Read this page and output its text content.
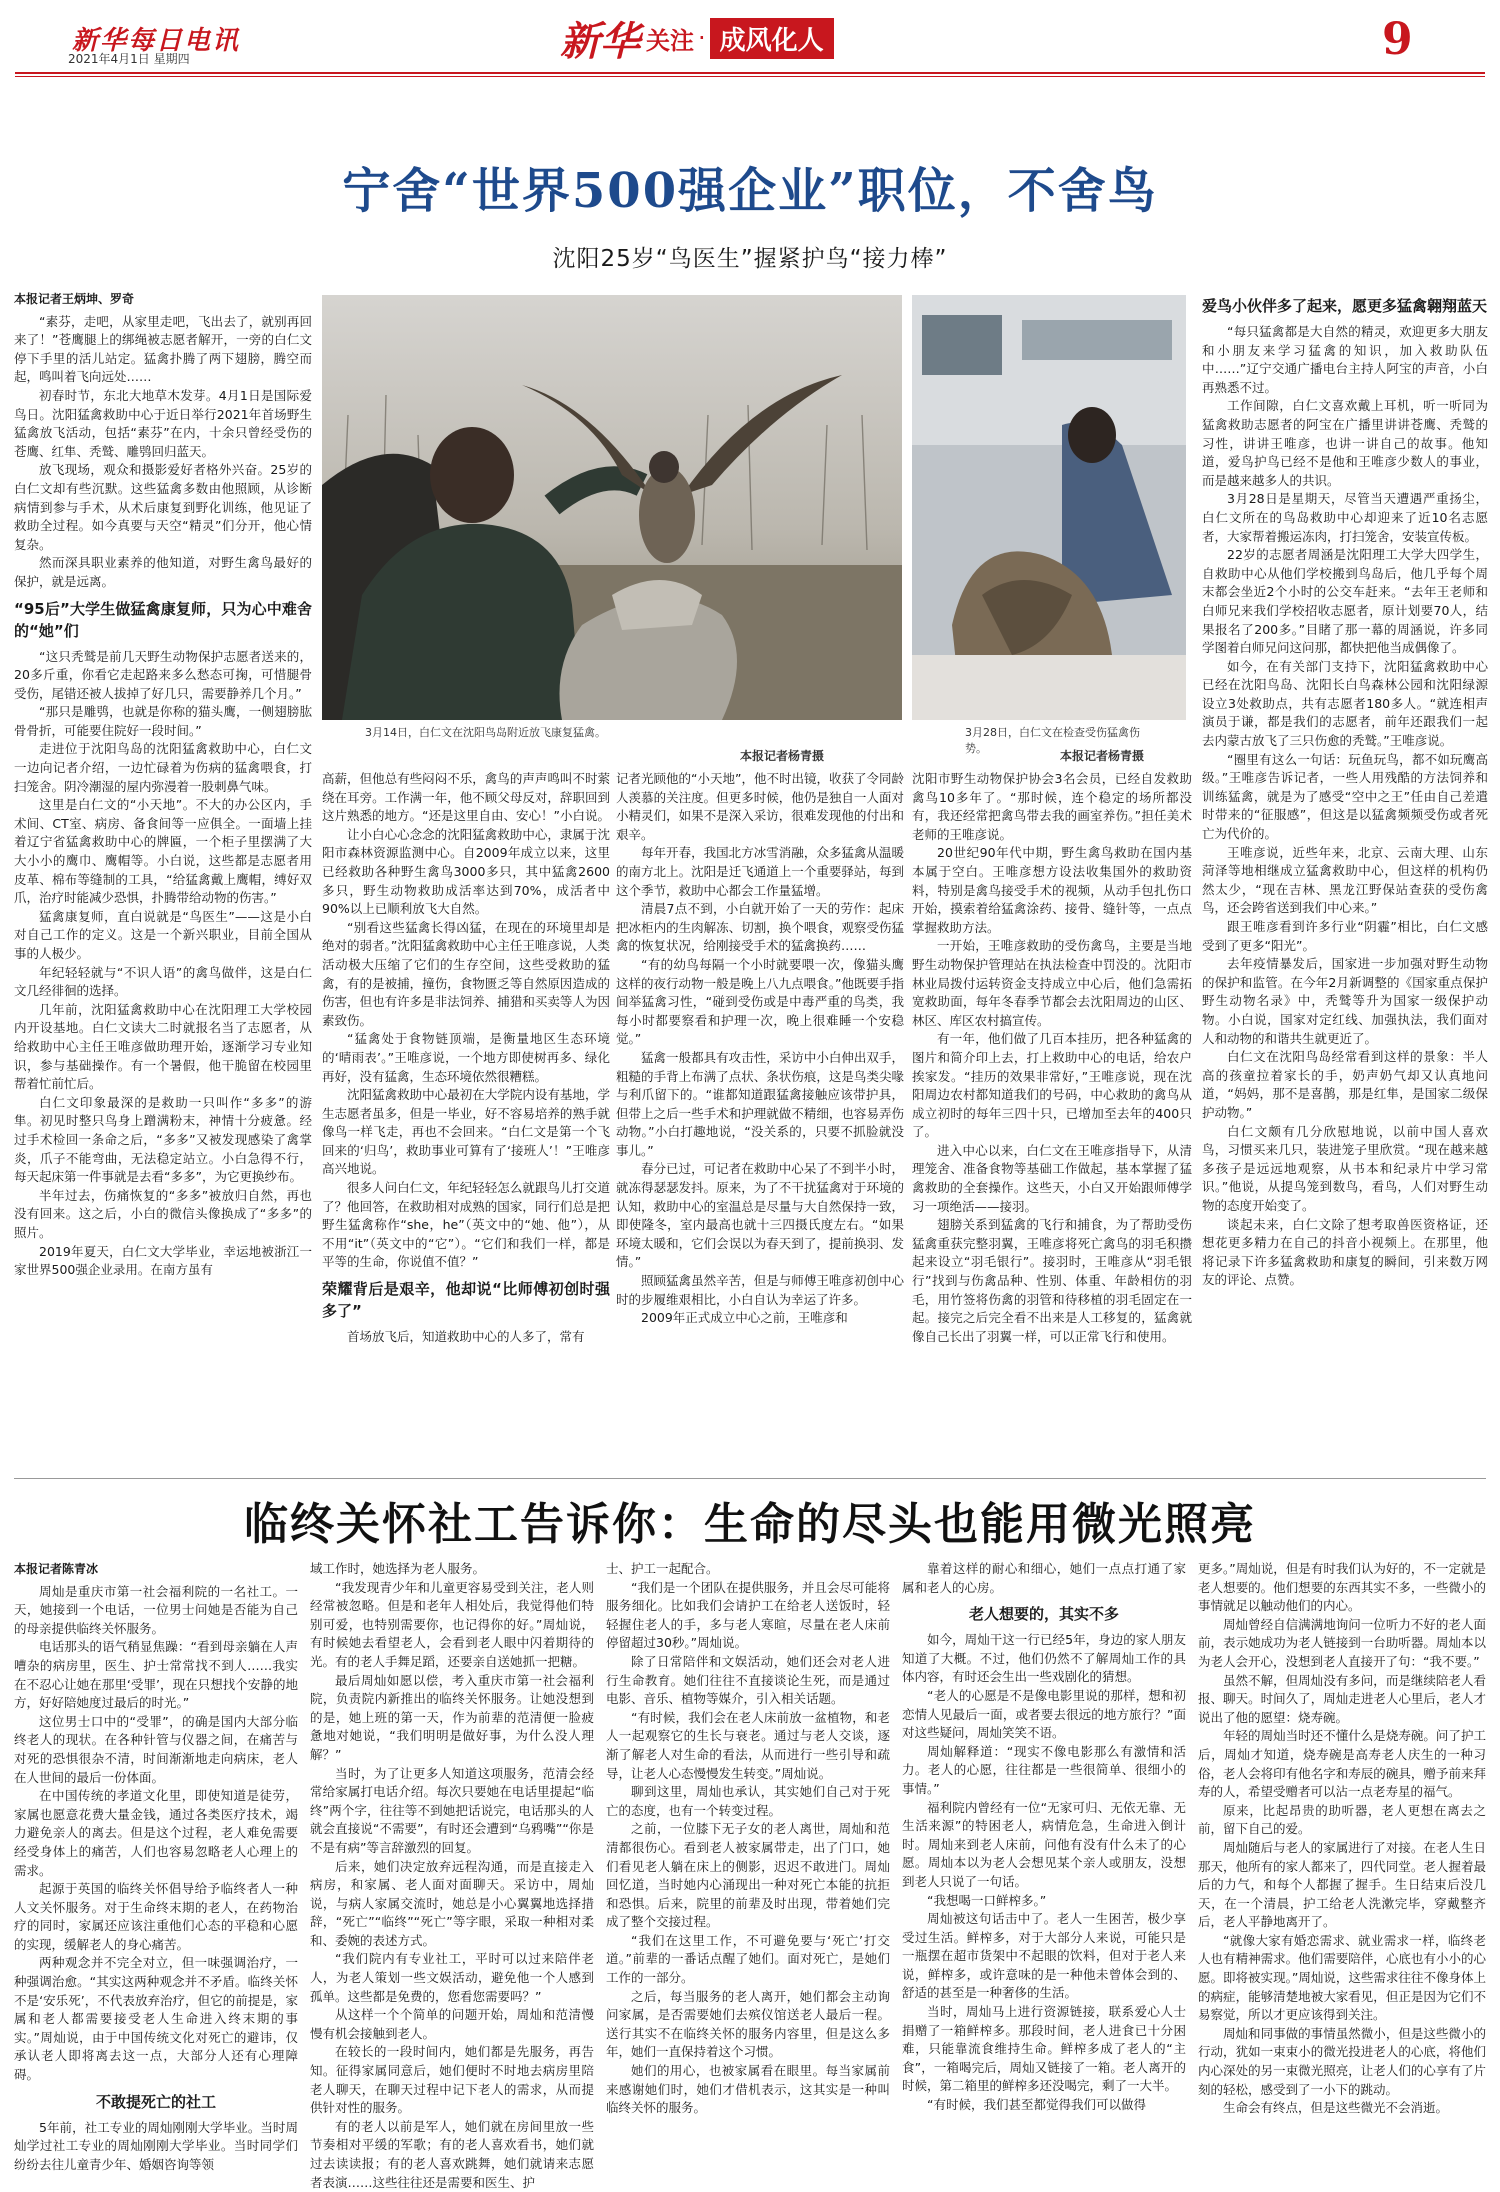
新华每日电讯
2021年4月1日 星期四	新华 关注 · 成风化人	9
宁舍“世界500强企业”职位，不舍鸟
沈阳25岁“鸟医生”握紧护鸟“接力棒”
3月14日，白仁文在沈阳鸟岛附近放飞康复猛禽。
本报记者杨青摄
3月28日，白仁文在检查受伤猛禽伤势。
本报记者杨青摄
本报记者王炳坤、罗奇

“素芬，走吧，从家里走吧，飞出去了，就别再回来了！”苍鹰腿上的绑绳被志愿者解开，一旁的白仁文停下手里的活儿站定。猛禽扑腾了两下翅膀，腾空而起，鸣叫着飞向远处……

初春时节，东北大地草木发芽。4月1日是国际爱鸟日。沈阳猛禽救助中心于近日举行2021年首场野生猛禽放飞活动，包括“素芬”在内，十余只曾经受伤的苍鹰、红隼、秃鹫、雕鸮回归蓝天。

放飞现场，观众和摄影爱好者格外兴奋。25岁的白仁文却有些沉默。这些猛禽多数由他照顾，从诊断病情到参与手术，从术后康复到野化训练，他见证了救助全过程。如今真要与天空“精灵”们分开，他心情复杂。

然而深具职业素养的他知道，对野生禽鸟最好的保护，就是远离。

“95后”大学生做猛禽康复师，只为心中难舍的“她”们

“这只秃鹫是前几天野生动物保护志愿者送来的，20多斤重，你看它走起路来多么愁态可掬，可惜腿骨受伤，尾错还被人拔掉了好几只，需要静养几个月。”

“那只是雕鸮，也就是你称的猫头鹰，一侧翅膀肱骨骨折，可能要住院好一段时间。”

走进位于沈阳鸟岛的沈阳猛禽救助中心，白仁文一边向记者介绍，一边忙碌着为伤病的猛禽喂食，打扫笼舍。阴冷潮湿的屋内弥漫着一股刺鼻气味。

这里是白仁文的“小天地”。不大的办公区内，手术间、CT室、病房、备食间等一应俱全。一面墙上挂着辽宁省猛禽救助中心的牌匾，一个柜子里摆满了大大小小的鹰巾、鹰帽等。小白说，这些都是志愿者用皮革、棉布等缝制的工具，“给猛禽戴上鹰帽，缚好双爪，治疗时能减少恐惧，扑腾带给动物的伤害。”

猛禽康复师，直白说就是“鸟医生”——这是小白对自己工作的定义。这是一个新兴职业，目前全国从事的人极少。

年纪轻轻就与“不识人语”的禽鸟做伴，这是白仁文几经徘徊的选择。

几年前，沈阳猛禽救助中心在沈阳理工大学校园内开设基地。白仁文读大二时就报名当了志愿者，从给救助中心主任王唯彦做助理开始，逐渐学习专业知识，参与基础操作。有一个暑假，他干脆留在校园里帮着忙前忙后。

白仁文印象最深的是救助一只叫作“多多”的游隼。初见时整只鸟身上蹭满粉末，神情十分疲惫。经过手术检回一条命之后，“多多”又被发现感染了禽掌炎，爪子不能弯曲，无法稳定站立。小白急得不行，每天起床第一件事就是去看“多多”，为它更换纱布。

半年过去，伤痛恢复的“多多”被放归自然，再也没有回来。这之后，小白的微信头像换成了“多多”的照片。

2019年夏天，白仁文大学毕业，幸运地被浙江一家世界500强企业录用。在南方虽有

高薪，但他总有些闷闷不乐，禽鸟的声声鸣叫不时萦绕在耳旁。工作满一年，他不顾父母反对，辞职回到这片熟悉的地方。“还是这里自由、安心！”小白说。

让小白心心念念的沈阳猛禽救助中心，隶属于沈阳市森林资源监测中心。自2009年成立以来，这里已经救助各种野生禽鸟3000多只，其中猛禽2600多只，野生动物救助成活率达到70%，成活者中90%以上已顺利放飞大自然。

“别看这些猛禽长得凶猛，在现在的环境里却是绝对的弱者。”沈阳猛禽救助中心主任王唯彦说，人类活动极大压缩了它们的生存空间，这些受救助的猛禽，有的是被捕，撞伤，食物匮乏等自然原因造成的伤害，但也有许多是非法饲养、捕猎和买卖等人为因素致伤。

“猛禽处于食物链顶端，是衡量地区生态环境的‘晴雨表’。”王唯彦说，一个地方即使树再多、绿化再好，没有猛禽，生态环境依然很糟糕。

沈阳猛禽救助中心最初在大学院内设有基地，学生志愿者虽多，但是一毕业，好不容易培养的熟手就像鸟一样飞走，再也不会回来。“白仁文是第一个飞回来的‘归鸟’，救助事业可算有了‘接班人’！”王唯彦高兴地说。

很多人问白仁文，年纪轻轻怎么就跟鸟儿打交道了？他回答，在救助相对成熟的国家，同行们总是把野生猛禽称作“she，he”（英文中的“她、他”），从不用“it”（英文中的“它”）。“它们和我们一样，都是平等的生命，你说值不值？”

荣耀背后是艰辛，他却说“比师傅初创时强多了”

首场放飞后，知道救助中心的人多了，常有

记者光顾他的“小天地”，他不时出镜，收获了令同龄人羡慕的关注度。但更多时候，他仍是独自一人面对小精灵们，如果不是深入采访，很难发现他的付出和艰辛。

每年开春，我国北方冰雪消融，众多猛禽从温暖的南方北上。沈阳是迁飞通道上一个重要驿站，每到这个季节，救助中心都会工作量猛增。

清晨7点不到，小白就开始了一天的劳作：起床把冰柜内的生肉解冻、切割，换个喂食，观察受伤猛禽的恢复状况，给刚接受手术的猛禽换药……

“有的幼鸟每隔一个小时就要喂一次，像猫头鹰这样的夜行动物一般是晚上八九点喂食。”他既要手指间举猛禽习性，“碰到受伤或是中毒严重的鸟类，我每小时都要察看和护理一次，晚上很难睡一个安稳觉。”

猛禽一般都具有攻击性，采访中小白伸出双手，粗糙的手背上布满了点状、条状伤痕，这是鸟类尖喙与利爪留下的。“谁都知道跟猛禽接触应该带护具，但带上之后一些手术和护理就做不精细，也容易弄伤动物。”小白打趣地说，“没关系的，只要不抓脸就没事儿。”

春分已过，可记者在救助中心呆了不到半小时，就冻得瑟瑟发抖。原来，为了不干扰猛禽对于环境的认知，救助中心的室温总是尽量与大自然保持一致，即使隆冬，室内最高也就十三四摄氏度左右。“如果环境太暖和，它们会误以为春天到了，提前换羽、发情。”

照顾猛禽虽然辛苦，但是与师傅王唯彦初创中心时的步履维艰相比，小白自认为幸运了许多。

2009年正式成立中心之前，王唯彦和

沈阳市野生动物保护协会3名会员，已经自发救助禽鸟10多年了。“那时候，连个稳定的场所都没有，我还经常把禽鸟带去我的画室养伤。”担任美术老师的王唯彦说。

20世纪90年代中期，野生禽鸟救助在国内基本属于空白。王唯彦想方设法收集国外的救助资料，特别是禽鸟接受手术的视频，从动手包扎伤口开始，摸索着给猛禽涂药、接骨、缝针等，一点点掌握救助方法。

一开始，王唯彦救助的受伤禽鸟，主要是当地野生动物保护管理站在执法检查中罚没的。沈阳市林业局拨付运转资金支持成立中心后，他们急需拓宽救助面，每年冬春季节都会去沈阳周边的山区、林区、库区农村搞宣传。

有一年，他们做了几百本挂历，把各种猛禽的图片和简介印上去，打上救助中心的电话，给农户挨家发。“挂历的效果非常好，”王唯彦说，现在沈阳周边农村都知道我们的号码，中心救助的禽鸟从成立初时的每年三四十只，已增加至去年的400只了。

进入中心以来，白仁文在王唯彦指导下，从清理笼舍、准备食物等基础工作做起，基本掌握了猛禽救助的全套操作。这些天，小白又开始跟师傅学习一项绝活——接羽。

翅膀关系到猛禽的飞行和捕食，为了帮助受伤猛禽重获完整羽翼，王唯彦将死亡禽鸟的羽毛积攒起来设立“羽毛银行”。接羽时，王唯彦从“羽毛银行”找到与伤禽品种、性别、体重、年龄相仿的羽毛，用竹签将伤禽的羽管和待移植的羽毛固定在一起。接完之后完全看不出来是人工移复的，猛禽就像自己长出了羽翼一样，可以正常飞行和使用。

爱鸟小伙伴多了起来，愿更多猛禽翱翔蓝天

“每只猛禽都是大自然的精灵，欢迎更多大朋友和小朋友来学习猛禽的知识，加入救助队伍中……”辽宁交通广播电台主持人阿宝的声音，小白再熟悉不过。

工作间隙，白仁文喜欢戴上耳机，听一听同为猛禽救助志愿者的阿宝在广播里讲讲苍鹰、秃鹫的习性，讲讲王唯彦，也讲一讲自己的故事。他知道，爱鸟护鸟已经不是他和王唯彦少数人的事业，而是越来越多人的共识。

3月28日是星期天，尽管当天遭遇严重扬尘，白仁文所在的鸟岛救助中心却迎来了近10名志愿者，大家帮着搬运冻肉，打扫笼舍，安装宣传板。

22岁的志愿者周涵是沈阳理工大学大四学生，自救助中心从他们学校搬到鸟岛后，他几乎每个周末都会坐近2个小时的公交车赶来。“去年王老师和白师兄来我们学校招收志愿者，原计划要70人，结果报名了200多。”目睹了那一幕的周涵说，许多同学图着白师兄问这问那，都快把他当成偶像了。

如今，在有关部门支持下，沈阳猛禽救助中心已经在沈阳鸟岛、沈阳长白鸟森林公园和沈阳绿源设立3处救助点，共有志愿者180多人。“就连相声演员于谦，都是我们的志愿者，前年还跟我们一起去内蒙古放飞了三只伤愈的秃鹫。”王唯彦说。

“圈里有这么一句话：玩鱼玩鸟，都不如玩鹰高级。”王唯彦告诉记者，一些人用残酷的方法饲养和训练猛禽，就是为了感受“空中之王”任由自己差遣时带来的“征服感”，但这是以猛禽频频受伤或者死亡为代价的。

王唯彦说，近些年来，北京、云南大理、山东菏泽等地相继成立猛禽救助中心，但这样的机构仍然太少，“现在吉林、黑龙江野保站查获的受伤禽鸟，还会跨省送到我们中心来。”

跟王唯彦看到许多行业“阴霾”相比，白仁文感受到了更多“阳光”。

去年疫情暴发后，国家进一步加强对野生动物的保护和监管。在今年2月新调整的《国家重点保护野生动物名录》中，秃鹫等升为国家一级保护动物。小白说，国家对定红线、加强执法，我们面对人和动物的和谐共生就更近了。

白仁文在沈阳鸟岛经常看到这样的景象：半人高的孩童拉着家长的手，奶声奶气却又认真地问道，“妈妈，那不是喜鹊，那是红隼，是国家二级保护动物。”

白仁文颇有几分欣慰地说，以前中国人喜欢鸟，习惯买来几只，装进笼子里欣赏。“现在越来越多孩子是远远地观察，从书本和纪录片中学习常识。”他说，从提鸟笼到数鸟，看鸟，人们对野生动物的态度开始变了。

谈起未来，白仁文除了想考取兽医资格证，还想花更多精力在自己的抖音小视频上。在那里，他将记录下许多猛禽救助和康复的瞬间，引来数万网友的评论、点赞。

临终关怀社工告诉你：生命的尽头也能用微光照亮
本报记者陈青冰

周灿是重庆市第一社会福利院的一名社工。一天，她接到一个电话，一位男士问她是否能为自己的母亲提供临终关怀服务。

电话那头的语气稍显焦躁：“看到母亲躺在人声嘈杂的病房里，医生、护士常常找不到人……我实在不忍心让她在那里‘受罪’，现在只想找个安静的地方，好好陪她度过最后的时光。”

这位男士口中的“受罪”，的确是国内大部分临终老人的现状。在各种针管与仪器之间，在痛苦与对死的恐惧很杂不清，时间渐渐地走向病床，老人在人世间的最后一份体面。

在中国传统的孝道文化里，即使知道是徒劳，家属也愿意花费大量金钱，通过各类医疗技术，竭力避免亲人的离去。但是这个过程，老人难免需要经受身体上的痛苦，人们也容易忽略老人心理上的需求。

起源于英国的临终关怀倡导给予临终者人一种人文关怀服务。对于生命终末期的老人，在药物治疗的同时，家属还应该注重他们心态的平稳和心愿的实现，缓解老人的身心痛苦。

两种观念并不完全对立，但一味强调治疗，一种强调治愈。“其实这两种观念并不矛盾。临终关怀不是‘安乐死’，不代表放弃治疗，但它的前提是，家属和老人都需要接受老人生命进入终末期的事实。”周灿说，由于中国传统文化对死亡的避讳，仅承认老人即将离去这一点，大部分人还有心理障碍。

不敢提死亡的社工

5年前，社工专业的周灿刚刚大学毕业。当时周灿学过社工专业的周灿刚刚大学毕业。当时同学们纷纷去往儿童青少年、婚姻咨询等领

域工作时，她选择为老人服务。

“我发现青少年和儿童更容易受到关注，老人则经常被忽略。但是和老年人相处后，我觉得他们特别可爱，也特别需要你，也记得你的好。”周灿说，有时候她去看望老人，会看到老人眼中闪着期待的光。有的老人手舞足蹈，还要亲自送她抓一把糖。

最后周灿如愿以偿，考入重庆市第一社会福利院，负责院内新推出的临终关怀服务。让她没想到的是，她上班的第一天，作为前辈的范清便一脸疲惫地对她说，“我们明明是做好事，为什么没人理解？”

当时，为了让更多人知道这项服务，范清会经常给家属打电话介绍。每次只要她在电话里提起“临终”两个字，往往等不到她把话说完，电话那头的人就会直接说“不需要”，有时还会遭到“乌鸦嘴”“你是不是有病”等言辞激烈的回复。

后来，她们决定放弃远程沟通，而是直接走入病房，和家属、老人面对面聊天。采访中，周灿说，与病人家属交流时，她总是小心翼翼地选择措辞，“死亡”“临终”“死亡”等字眼，采取一种相对柔和、委婉的表述方式。

“我们院内有专业社工，平时可以过来陪伴老人，为老人策划一些文娱活动，避免他一个人感到孤单。这些都是免费的，您看您需要吗？”

从这样一个个简单的问题开始，周灿和范清慢慢有机会接触到老人。

在较长的一段时间内，她们都是先服务，再告知。征得家属同意后，她们便时不时地去病房里陪老人聊天，在聊天过程中记下老人的需求，从而提供针对性的服务。

有的老人以前是军人，她们就在房间里放一些节奏相对平缓的军歌；有的老人喜欢看书，她们就过去读读报；有的老人喜欢跳舞，她们就请来志愿者表演……这些往往还是需要和医生、护

士、护工一起配合。

“我们是一个团队在提供服务，并且会尽可能将服务细化。比如我们会请护工在给老人送饭时，轻轻握住老人的手，多与老人寒暄，尽量在老人床前停留超过30秒。”周灿说。

除了日常陪伴和文娱活动，她们还会对老人进行生命教育。她们往往不直接谈论生死，而是通过电影、音乐、植物等媒介，引入相关话题。

“有时候，我们会在老人床前放一盆植物，和老人一起观察它的生长与衰老。通过与老人交谈，逐渐了解老人对生命的看法，从而进行一些引导和疏导，让老人心态慢慢发生转变。”周灿说。

聊到这里，周灿也承认，其实她们自己对于死亡的态度，也有一个转变过程。

之前，一位膝下无子女的老人离世，周灿和范清都很伤心。看到老人被家属带走，出了门口，她们看见老人躺在床上的侧影，迟迟不敢进门。周灿回忆道，当时她内心涌现出一种对死亡本能的抗拒和恐惧。后来，院里的前辈及时出现，带着她们完成了整个交接过程。

“我们在这里工作，不可避免要与‘死亡’打交道。”前辈的一番话点醒了她们。面对死亡，是她们工作的一部分。

之后，每当服务的老人离开，她们都会主动询问家属，是否需要她们去殡仪馆送老人最后一程。送行其实不在临终关怀的服务内容里，但是这么多年，她们一直保持着这个习惯。

她们的用心，也被家属看在眼里。每当家属前来感谢她们时，她们才借机表示，这其实是一种叫临终关怀的服务。

靠着这样的耐心和细心，她们一点点打通了家属和老人的心房。

老人想要的，其实不多

如今，周灿干这一行已经5年，身边的家人朋友知道了大概。不过，他们仍然不了解周灿工作的具体内容，有时还会生出一些戏剧化的猜想。

“老人的心愿是不是像电影里说的那样，想和初恋情人见最后一面，或者要去很远的地方旅行？”面对这些疑问，周灿笑笑不语。

周灿解释道：“现实不像电影那么有激情和活力。老人的心愿，往往都是一些很简单、很细小的事情。”

福利院内曾经有一位“无家可归、无依无靠、无生活来源”的特困老人，病情危急，生命进入倒计时。周灿来到老人床前，问他有没有什么未了的心愿。周灿本以为老人会想见某个亲人或朋友，没想到老人只说了一句话。

“我想喝一口鲜榨多。”

周灿被这句话击中了。老人一生困苦，极少享受过生活。鲜榨多，对于大部分人来说，可能只是一瓶摆在超市货架中不起眼的饮料，但对于老人来说，鲜榨多，或许意味的是一种他未曾体会到的、舒适的甚至是一种奢侈的生活。

当时，周灿马上进行资源链接，联系爱心人士捐赠了一箱鲜榨多。那段时间，老人进食已十分困难，只能靠流食维持生命。鲜榨多成了老人的“主食”，一箱喝完后，周灿又链接了一箱。老人离开的时候，第二箱里的鲜榨多还没喝完，剩了一大半。

“有时候，我们甚至都觉得我们可以做得

更多。”周灿说，但是有时我们认为好的，不一定就是老人想要的。他们想要的东西其实不多，一些微小的事情就足以触动他们的内心。

周灿曾经自信满满地询问一位听力不好的老人面前，表示她成功为老人链接到一台助听器。周灿本以为老人会开心，没想到老人直接开了句：“我不要。”

虽然不解，但周灿没有多问，而是继续陪老人看报、聊天。时间久了，周灿走进老人心里后，老人才说出了他的愿望：烧寿碗。

年轻的周灿当时还不懂什么是烧寿碗。问了护工后，周灿才知道，烧寿碗是高寿老人庆生的一种习俗，老人会将印有他名字和寿辰的碗具，赠予前来拜寿的人，希望受赠者可以沾一点老寿星的福气。

原来，比起昂贵的助听器，老人更想在离去之前，留下自己的爱。

周灿随后与老人的家属进行了对接。在老人生日那天，他所有的家人都来了，四代同堂。老人握着最后的力气，和每个人都握了握手。生日结束后没几天，在一个清晨，护工给老人洗漱完毕，穿戴整齐后，老人平静地离开了。

“就像大家有婚恋需求、就业需求一样，临终老人也有精神需求。他们需要陪伴，心底也有小小的心愿。即将被实现。”周灿说，这些需求往往不像身体上的病症，能够清楚地被大家看见，但正是因为它们不易察觉，所以才更应该得到关注。

周灿和同事做的事情虽然微小，但是这些微小的行动，犹如一束束小的微光投进老人的心底，将他们内心深处的另一束微光照亮，让老人们的心享有了片刻的轻松，感受到了一小下的跳动。

生命会有终点，但是这些微光不会消逝。
